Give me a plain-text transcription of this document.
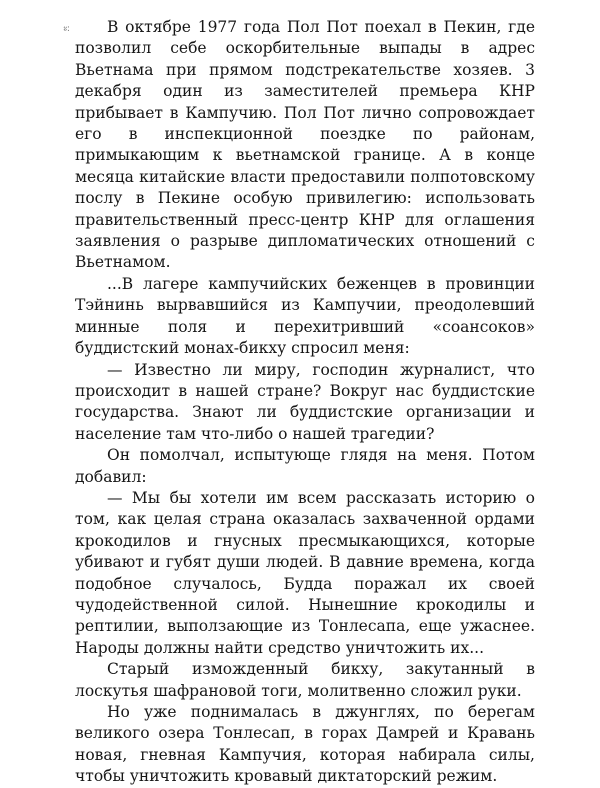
ะ:	В октябре 1977 года Пол Пот поехал в Пекин, где позволил себе оскорбительные выпады в адрес Вьетнама при прямом подстрекательстве хозяев. 3 декабря один из заместителей премьера КНР прибывает в Кампучию. Пол Пот лично сопровождает его в инспекционной поездке по районам, примыкающим к вьетнамской границе. А в конце месяца китайские власти предоставили полпотовскому послу в Пекине особую привилегию: использовать правительственный пресс-центр КНР для оглашения заявления о разрыве дипломатических отношений с Вьетнамом.

...В лагере кампучийских беженцев в провинции Тэйнинь вырвавшийся из Кампучии, преодолевший минные поля и перехитривший «соансоков» буддистский монах-бикху спросил меня:

— Известно ли миру, господин журналист, что происходит в нашей стране? Вокруг нас буддистские государства. Знают ли буддистские организации и население там что-либо о нашей трагедии?

Он помолчал, испытующе глядя на меня. Потом добавил:

— Мы бы хотели им всем рассказать историю о том, как целая страна оказалась захваченной ордами крокодилов и гнусных пресмыкающихся, которые убивают и губят души людей. В давние времена, когда подобное случалось, Будда поражал их своей чудодейственной силой. Нынешние крокодилы и рептилии, выползающие из Тонлесапа, еще ужаснее. Народы должны найти средство уничтожить их...

Старый изможденный бикху, закутанный в лоскутья шафрановой тоги, молитвенно сложил руки.

Но уже поднималась в джунглях, по берегам великого озера Тонлесап, в горах Дамрей и Кравань новая, гневная Кампучия, которая набирала силы, чтобы уничтожить кровавый диктаторский режим.
